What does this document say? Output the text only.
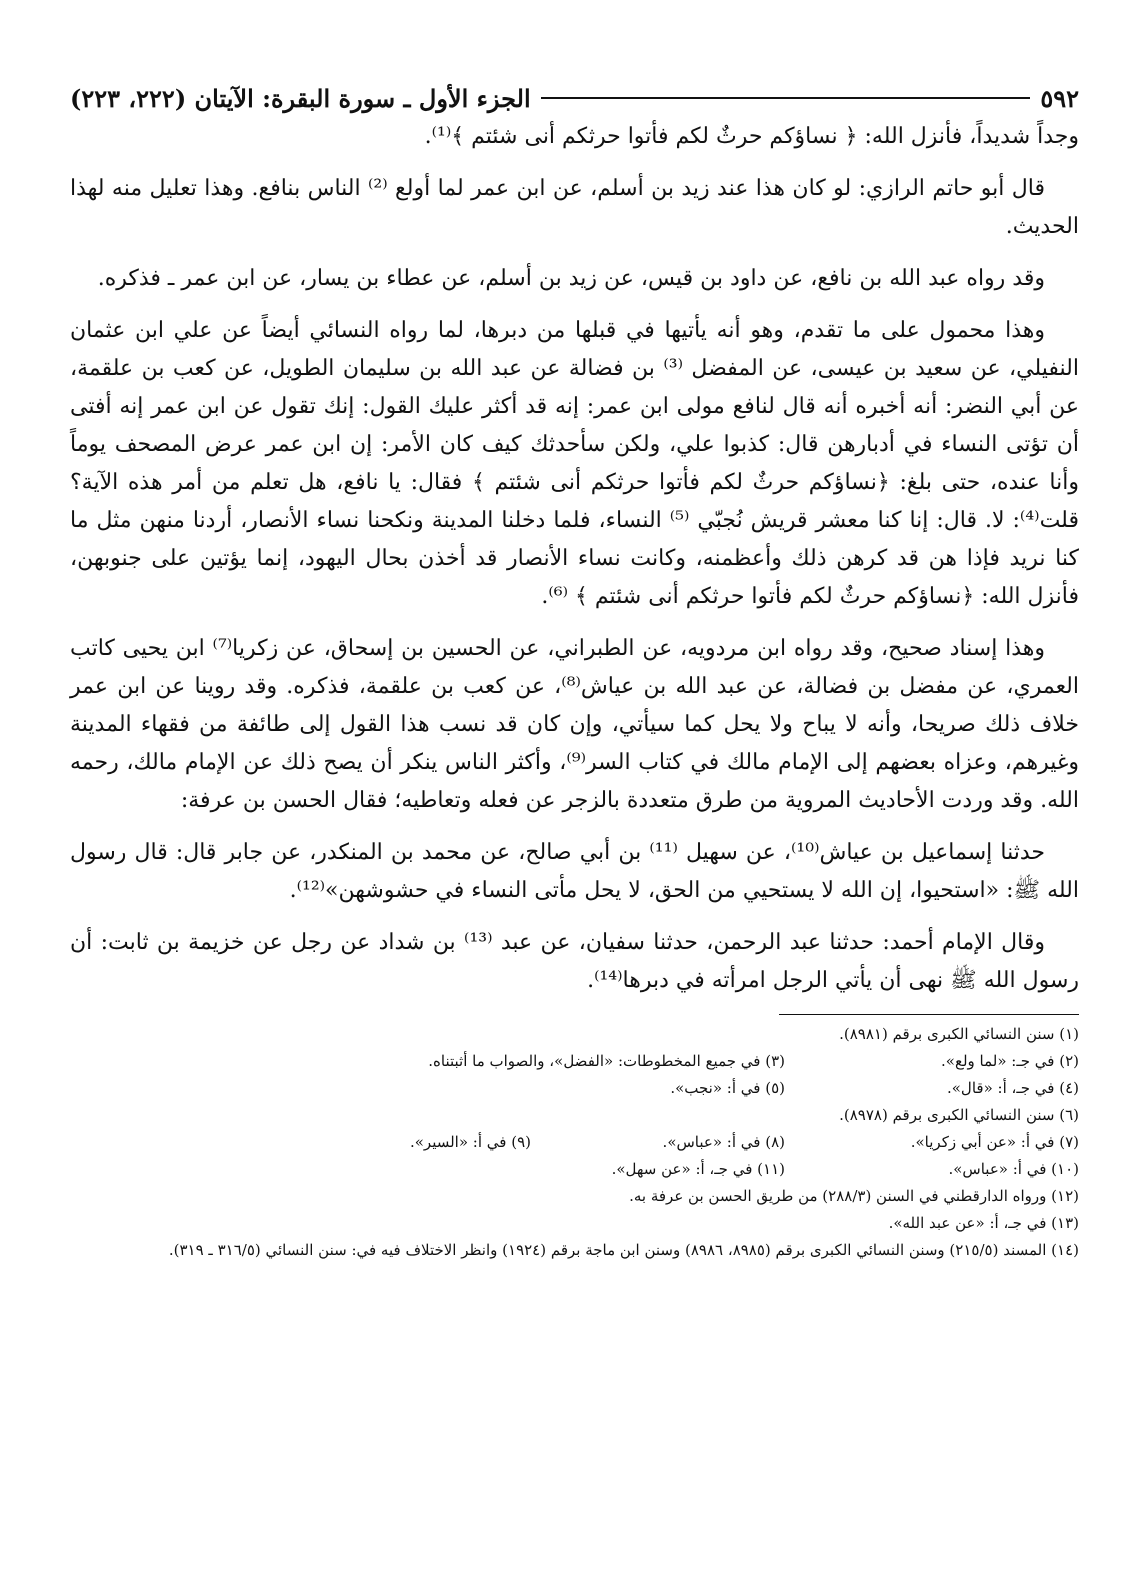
٥٩٢
الجزء الأول ـ سورة البقرة: الآيتان (٢٢٢، ٢٢٣)

وجداً شديداً، فأنزل الله: ﴿ نساؤكم حرثٌ لكم فأتوا حرثكم أنى شئتم ﴾⁽¹⁾.

قال أبو حاتم الرازي: لو كان هذا عند زيد بن أسلم، عن ابن عمر لما أولع ⁽²⁾ الناس بنافع. وهذا تعليل منه لهذا الحديث.

وقد رواه عبد الله بن نافع، عن داود بن قيس، عن زيد بن أسلم، عن عطاء بن يسار، عن ابن عمر ـ فذكره.

وهذا محمول على ما تقدم، وهو أنه يأتيها في قبلها من دبرها، لما رواه النسائي أيضاً عن علي ابن عثمان النفيلي، عن سعيد بن عيسى، عن المفضل ⁽³⁾ بن فضالة عن عبد الله بن سليمان الطويل، عن كعب بن علقمة، عن أبي النضر: أنه أخبره أنه قال لنافع مولى ابن عمر: إنه قد أكثر عليك القول: إنك تقول عن ابن عمر إنه أفتى أن تؤتى النساء في أدبارهن قال: كذبوا علي، ولكن سأحدثك كيف كان الأمر: إن ابن عمر عرض المصحف يوماً وأنا عنده، حتى بلغ: ﴿نساؤكم حرثٌ لكم فأتوا حرثكم أنى شئتم ﴾ فقال: يا نافع، هل تعلم من أمر هذه الآية؟ قلت⁽⁴⁾: لا. قال: إنا كنا معشر قريش نُجبّي ⁽⁵⁾ النساء، فلما دخلنا المدينة ونكحنا نساء الأنصار، أردنا منهن مثل ما كنا نريد فإذا هن قد كرهن ذلك وأعظمنه، وكانت نساء الأنصار قد أخذن بحال اليهود، إنما يؤتين على جنوبهن، فأنزل الله: ﴿نساؤكم حرثٌ لكم فأتوا حرثكم أنى شئتم ﴾ ⁽⁶⁾.

وهذا إسناد صحيح، وقد رواه ابن مردويه، عن الطبراني، عن الحسين بن إسحاق، عن زكريا⁽⁷⁾ ابن يحيى كاتب العمري، عن مفضل بن فضالة، عن عبد الله بن عياش⁽⁸⁾، عن كعب بن علقمة، فذكره. وقد روينا عن ابن عمر خلاف ذلك صريحا، وأنه لا يباح ولا يحل كما سيأتي، وإن كان قد نسب هذا القول إلى طائفة من فقهاء المدينة وغيرهم، وعزاه بعضهم إلى الإمام مالك في كتاب السر⁽⁹⁾، وأكثر الناس ينكر أن يصح ذلك عن الإمام مالك، رحمه الله. وقد وردت الأحاديث المروية من طرق متعددة بالزجر عن فعله وتعاطيه؛ فقال الحسن بن عرفة:

حدثنا إسماعيل بن عياش⁽¹⁰⁾، عن سهيل ⁽¹¹⁾ بن أبي صالح، عن محمد بن المنكدر، عن جابر قال: قال رسول الله ﷺ: «استحيوا، إن الله لا يستحيي من الحق، لا يحل مأتى النساء في حشوشهن»⁽¹²⁾.

وقال الإمام أحمد: حدثنا عبد الرحمن، حدثنا سفيان، عن عبد ⁽¹³⁾ بن شداد عن رجل عن خزيمة بن ثابت: أن رسول الله ﷺ نهى أن يأتي الرجل امرأته في دبرها⁽¹⁴⁾.

(١) سنن النسائي الكبرى برقم (٨٩٨١).
(٢) في جـ: «لما ولع».
(٣) في جميع المخطوطات: «الفضل»، والصواب ما أثبتناه.
(٤) في جـ، أ: «قال».
(٥) في أ: «نجب».
(٦) سنن النسائي الكبرى برقم (٨٩٧٨).
(٧) في أ: «عن أبي زكريا».
(٨) في أ: «عباس».
(٩) في أ: «السير».
(١٠) في أ: «عباس».
(١١) في جـ، أ: «عن سهل».
(١٢) ورواه الدارقطني في السنن (٢٨٨/٣) من طريق الحسن بن عرفة به.
(١٣) في جـ، أ: «عن عبد الله».
(١٤) المسند (٢١٥/٥) وسنن النسائي الكبرى برقم (٨٩٨٥، ٨٩٨٦) وسنن ابن ماجة برقم (١٩٢٤) وانظر الاختلاف فيه في: سنن النسائي (٣١٦/٥ ـ ٣١٩).
